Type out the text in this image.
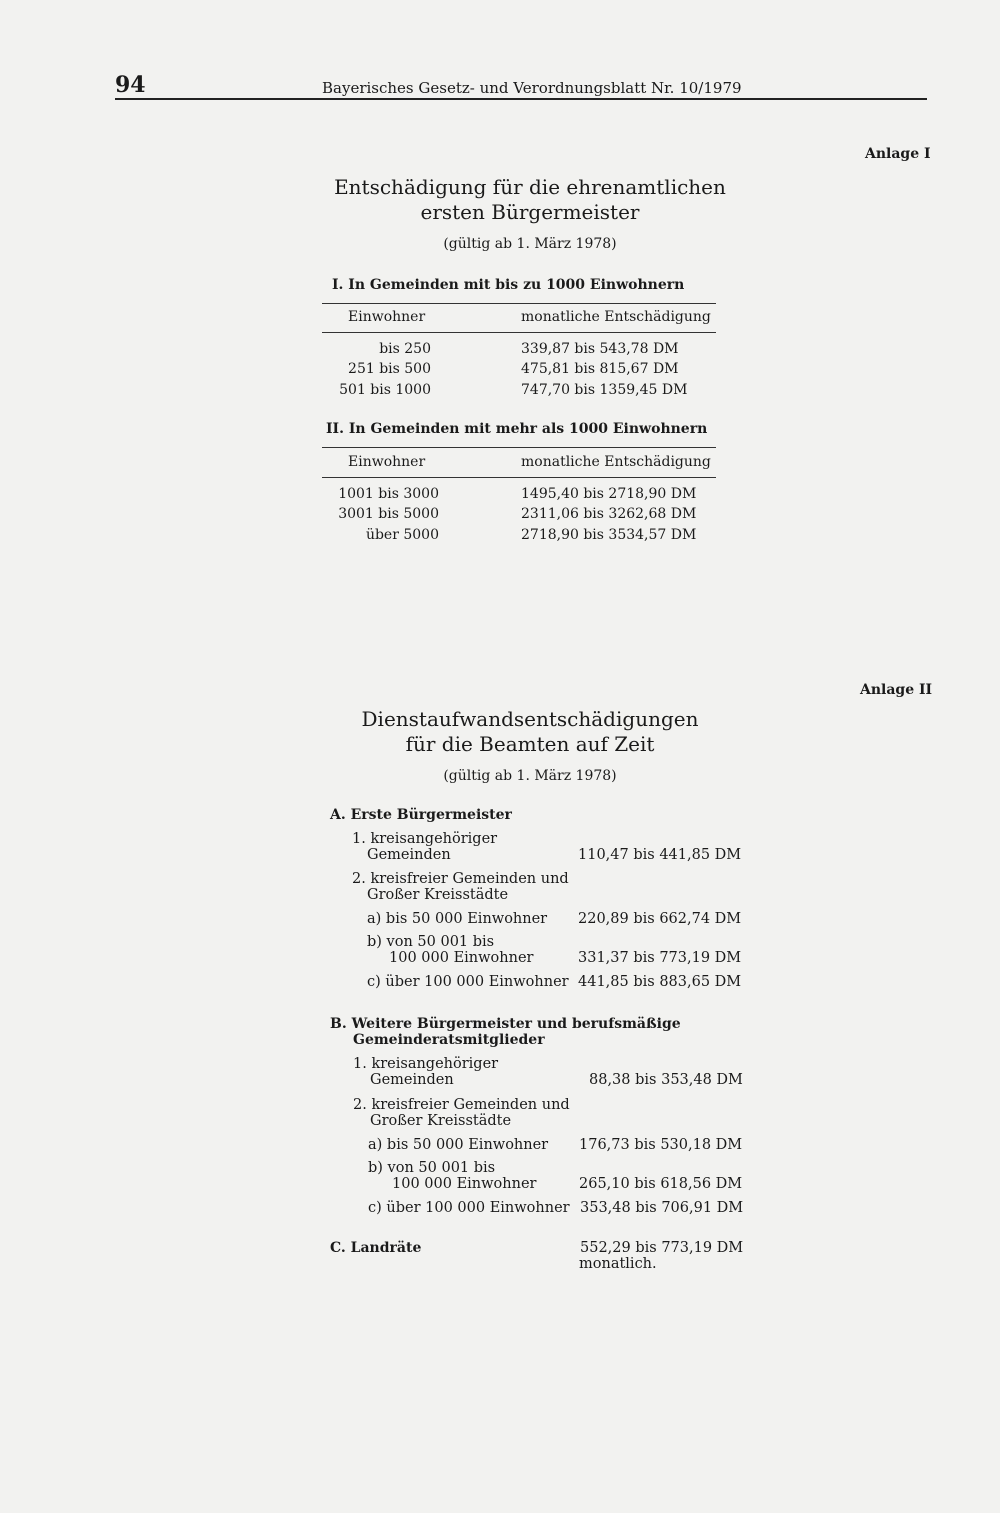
94	Bayerisches Gesetz- und Verordnungsblatt Nr. 10/1979
Anlage I
Entschädigung für die ehrenamtlichen
ersten Bürgermeister
(gültig ab 1. März 1978)
I. In Gemeinden mit bis zu 1000 Einwohnern
Einwohner	monatliche Entschädigung
bis 250	339,87 bis 543,78 DM
251 bis 500	475,81 bis 815,67 DM
501 bis 1000	747,70 bis 1359,45 DM
II. In Gemeinden mit mehr als 1000 Einwohnern
Einwohner	monatliche Entschädigung
1001 bis 3000	1495,40 bis 2718,90 DM
3001 bis 5000	2311,06 bis 3262,68 DM
über 5000	2718,90 bis 3534,57 DM
Anlage II
Dienstaufwandsentschädigungen
für die Beamten auf Zeit
(gültig ab 1. März 1978)
A. Erste Bürgermeister
1. kreisangehöriger
Gemeinden	110,47 bis 441,85 DM
2. kreisfreier Gemeinden und
Großer Kreisstädte
a) bis 50 000 Einwohner 220,89 bis 662,74 DM
b) von 50 001 bis
100 000 Einwohner	331,37 bis 773,19 DM
c) über 100 000 Einwohner 441,85 bis 883,65 DM
B. Weitere Bürgermeister und berufsmäßige
Gemeinderatsmitglieder
1. kreisangehöriger
Gemeinden	88,38 bis 353,48 DM
2. kreisfreier Gemeinden und
Großer Kreisstädte
a) bis 50 000 Einwohner 176,73 bis 530,18 DM
b) von 50 001 bis
100 000 Einwohner	265,10 bis 618,56 DM
c) über 100 000 Einwohner 353,48 bis 706,91 DM
C. Landräte	552,29 bis 773,19 DM
monatlich.
